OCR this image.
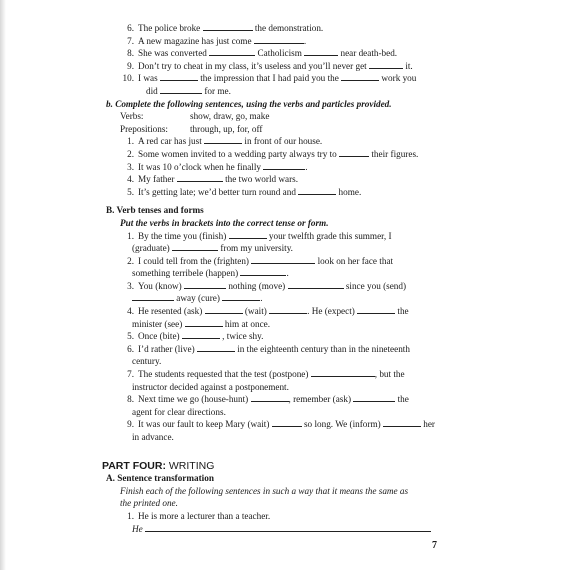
6. The police broke	the demonstration.
7. A new magazine has just come	.
8. She was converted	Catholicism	near death-bed.
9. Don’t try to cheat in my class, it’s useless and you’ll never get	it.
10. I was	the impression that I had paid you the	work you
did	for me.
b. Complete the following sentences, using the verbs and particles provided.
Verbs:	show, draw, go, make
Prepositions: through, up, for, off
1. A red car has just	in front of our house.
2. Some women invited to a wedding party always try to	their figures.
3. It was 10 o’clock when he finally	.
4. My father	the two world wars.
5. It’s getting late; we’d better turn round and	home.
B. Verb tenses and forms
Put the verbs in brackets into the correct tense or form.
1. By the time you (finish)	your twelfth grade this summer, I
(graduate)	from my university.
2. I could tell from the (frighten)	look on her face that
something terribele (happen)	.
3. You (know)	nothing (move)	since you (send)
away (cure)	.
4. He resented (ask)	(wait)	. He (expect)	the
minister (see)	him at once.
5. Once (bite)	, twice shy.
6. I’d rather (live)	in the eighteenth century than in the nineteenth
century.
7. The students requested that the test (postpone)	, but the
instructor decided against a postponement.
8. Next time we go (house-hunt)	, remember (ask)	the
agent for clear directions.
9. It was our fault to keep Mary (wait)	so long. We (inform)	her
in advance.
PART FOUR: WRITING
A. Sentence transformation
Finish each of the following sentences in such a way that it means the same as
the printed one.
1. He is more a lecturer than a teacher.
He
7
